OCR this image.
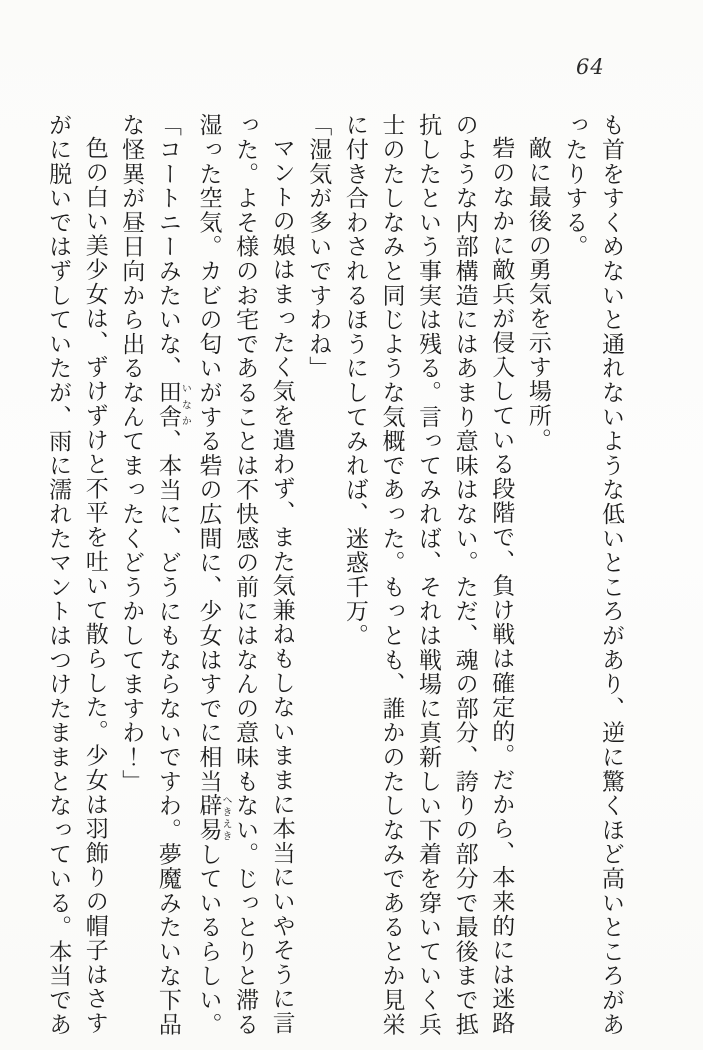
64

も首をすくめないと通れないような低いところがあり、逆に驚くほど高いところがあったりする。

敵に最後の勇気を示す場所。

砦のなかに敵兵が侵入している段階で、負け戦は確定的。だから、本来的には迷路のような内部構造にはあまり意味はない。ただ、魂の部分、誇りの部分で最後まで抵抗したという事実は残る。言ってみれば、それは戦場に真新しい下着を穿いていく兵士のたしなみと同じような気概であった。もっとも、誰かのたしなみであるとか見栄に付き合わされるほうにしてみれば、迷惑千万。

「湿気が多いですわね」

マントの娘はまったく気を遣わず、また気兼ねもしないままに本当にいやそうに言った。よそ様のお宅であることは不快感の前にはなんの意味もない。じっとりと滞る湿った空気。カビの匂いがする砦の広間に、少女はすでに相当辟易へきえきしているらしい。

「コートニーみたいな、田舎いなか、本当に、どうにもならないですわ。夢魔みたいな下品な怪異が昼日向から出るなんてまったくどうかしてますわ！」

色の白い美少女は、ずけずけと不平を吐いて散らした。少女は羽飾りの帽子はさすがに脱いではずしていたが、雨に濡れたマントはつけたままとなっている。本当であ
